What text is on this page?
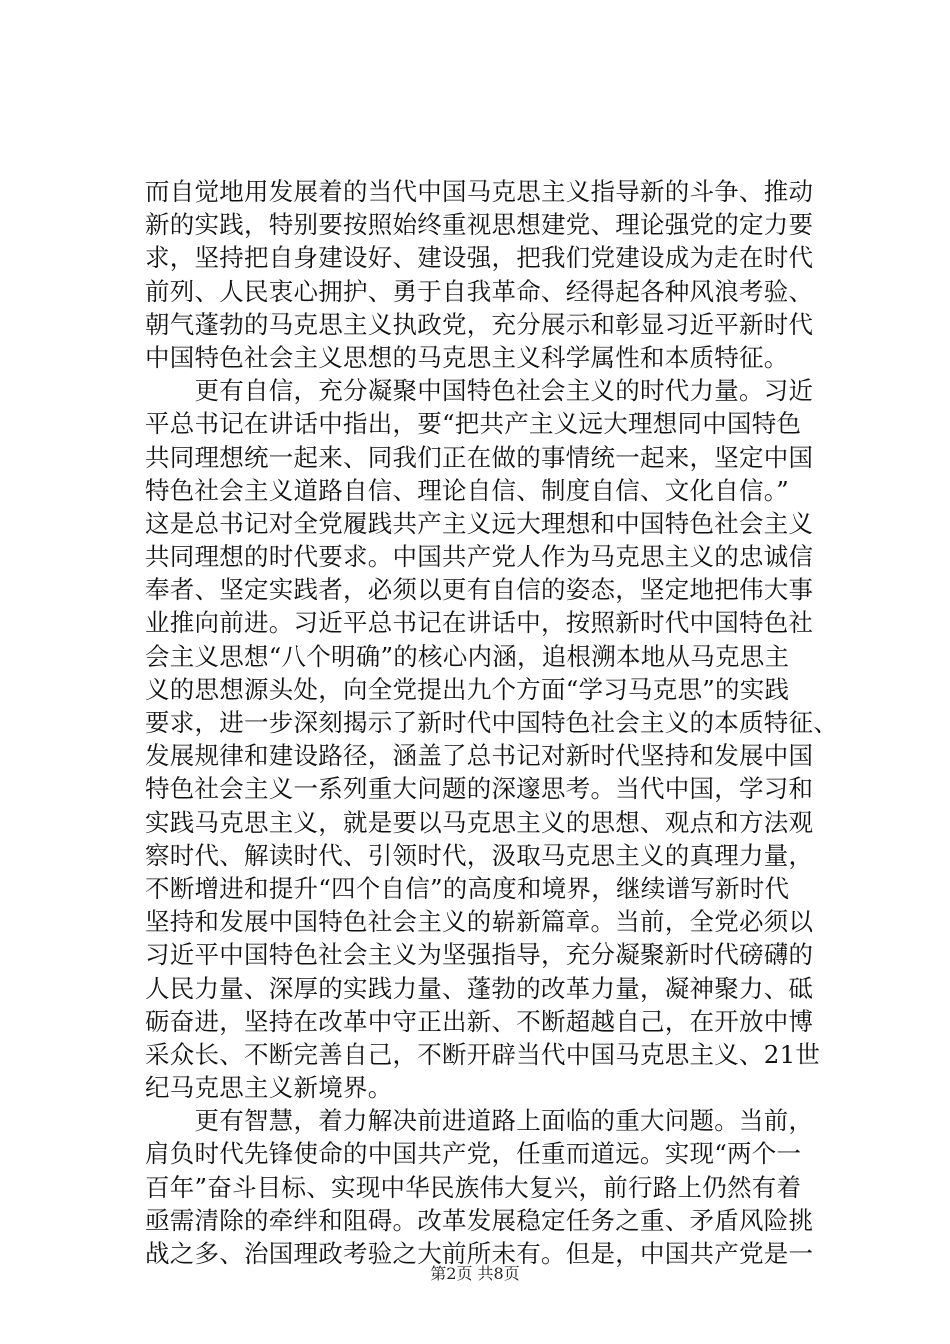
而自觉地用发展着的当代中国马克思主义指导新的斗争、推动
新的实践，特别要按照始终重视思想建党、理论强党的定力要
求，坚持把自身建设好、建设强，把我们党建设成为走在时代
前列、人民衷心拥护、勇于自我革命、经得起各种风浪考验、
朝气蓬勃的马克思主义执政党，充分展示和彰显习近平新时代
中国特色社会主义思想的马克思主义科学属性和本质特征。
　　更有自信，充分凝聚中国特色社会主义的时代力量。习近
平总书记在讲话中指出，要“把共产主义远大理想同中国特色
共同理想统一起来、同我们正在做的事情统一起来，坚定中国
特色社会主义道路自信、理论自信、制度自信、文化自信。”
这是总书记对全党履践共产主义远大理想和中国特色社会主义
共同理想的时代要求。中国共产党人作为马克思主义的忠诚信
奉者、坚定实践者，必须以更有自信的姿态，坚定地把伟大事
业推向前进。习近平总书记在讲话中，按照新时代中国特色社
会主义思想“八个明确”的核心内涵，追根溯本地从马克思主
义的思想源头处，向全党提出九个方面“学习马克思”的实践
要求，进一步深刻揭示了新时代中国特色社会主义的本质特征、
发展规律和建设路径，涵盖了总书记对新时代坚持和发展中国
特色社会主义一系列重大问题的深邃思考。当代中国，学习和
实践马克思主义，就是要以马克思主义的思想、观点和方法观
察时代、解读时代、引领时代，汲取马克思主义的真理力量，
不断增进和提升“四个自信”的高度和境界，继续谱写新时代
坚持和发展中国特色社会主义的崭新篇章。当前，全党必须以
习近平中国特色社会主义为坚强指导，充分凝聚新时代磅礴的
人民力量、深厚的实践力量、蓬勃的改革力量，凝神聚力、砥
砺奋进，坚持在改革中守正出新、不断超越自己，在开放中博
采众长、不断完善自己，不断开辟当代中国马克思主义、21世
纪马克思主义新境界。
　　更有智慧，着力解决前进道路上面临的重大问题。当前，
肩负时代先锋使命的中国共产党，任重而道远。实现“两个一
百年”奋斗目标、实现中华民族伟大复兴，前行路上仍然有着
亟需清除的牵绊和阻碍。改革发展稳定任务之重、矛盾风险挑
战之多、治国理政考验之大前所未有。但是，中国共产党是一
第2页 共8页
